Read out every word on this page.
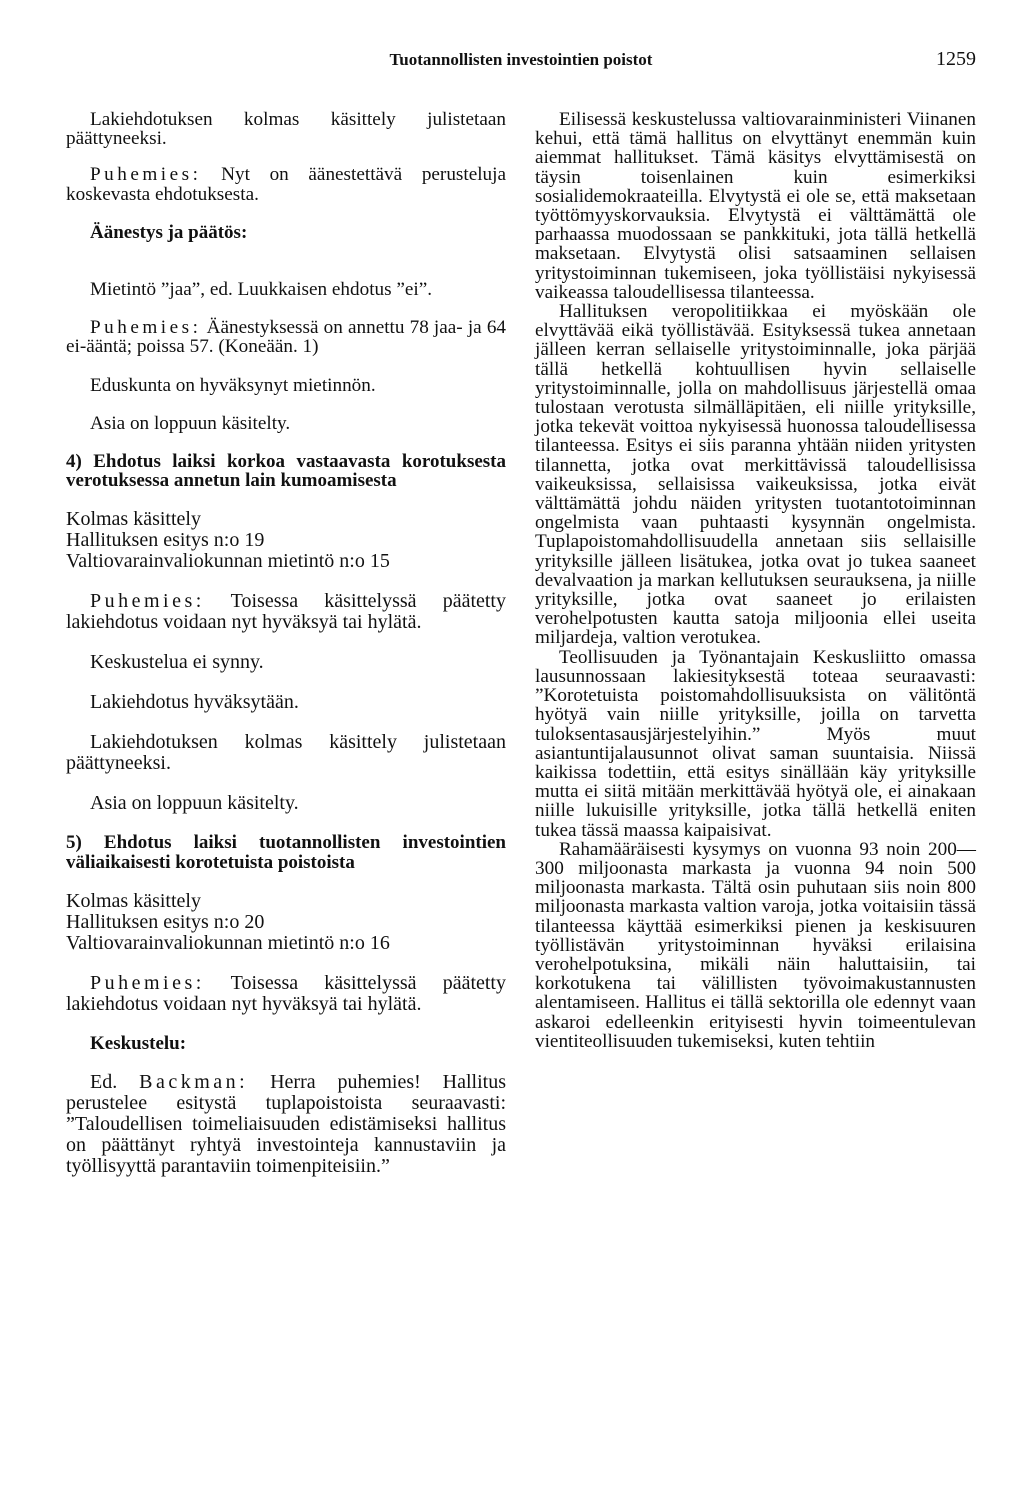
Tuotannollisten investointien poistot	1259

Lakiehdotuksen kolmas käsittely julistetaan päättyneeksi.

Puhemies: Nyt on äänestettävä perusteluja koskevasta ehdotuksesta.

Äänestys ja päätös:

Mietintö ”jaa”, ed. Luukkaisen ehdotus ”ei”.

Puhemies: Äänestyksessä on annettu 78 jaa- ja 64 ei-ääntä; poissa 57. (Koneään. 1)

Eduskunta on hyväksynyt mietinnön.

Asia on loppuun käsitelty.

4) Ehdotus laiksi korkoa vastaavasta korotuksesta verotuksessa annetun lain kumoamisesta

Kolmas käsittely
Hallituksen esitys n:o 19
Valtiovarainvaliokunnan mietintö n:o 15

Puhemies: Toisessa käsittelyssä päätetty lakiehdotus voidaan nyt hyväksyä tai hylätä.

Keskustelua ei synny.

Lakiehdotus hyväksytään.

Lakiehdotuksen kolmas käsittely julistetaan päättyneeksi.

Asia on loppuun käsitelty.

5) Ehdotus laiksi tuotannollisten investointien väliaikaisesti korotetuista poistoista

Kolmas käsittely
Hallituksen esitys n:o 20
Valtiovarainvaliokunnan mietintö n:o 16

Puhemies: Toisessa käsittelyssä päätetty lakiehdotus voidaan nyt hyväksyä tai hylätä.

Keskustelu:

Ed. Backman: Herra puhemies! Hallitus perustelee esitystä tuplapoistoista seuraavasti: ”Taloudellisen toimeliaisuuden edistämiseksi hallitus on päättänyt ryhtyä investointeja kannustaviin ja työllisyyttä parantaviin toimenpiteisiin.”

Eilisessä keskustelussa valtiovarainministeri Viinanen kehui, että tämä hallitus on elvyttänyt enemmän kuin aiemmat hallitukset. Tämä käsitys elvyttämisestä on täysin toisenlainen kuin esimerkiksi sosialidemokraateilla. Elvytystä ei ole se, että maksetaan työttömyyskorvauksia. Elvytystä ei välttämättä ole parhaassa muodossaan se pankkituki, jota tällä hetkellä maksetaan. Elvytystä olisi satsaaminen sellaisen yritystoiminnan tukemiseen, joka työllistäisi nykyisessä vaikeassa taloudellisessa tilanteessa.

Hallituksen veropolitiikkaa ei myöskään ole elvyttävää eikä työllistävää. Esityksessä tukea annetaan jälleen kerran sellaiselle yritystoiminnalle, joka pärjää tällä hetkellä kohtuullisen hyvin sellaiselle yritystoiminnalle, jolla on mahdollisuus järjestellä omaa tulostaan verotusta silmälläpitäen, eli niille yrityksille, jotka tekevät voittoa nykyisessä huonossa taloudellisessa tilanteessa. Esitys ei siis paranna yhtään niiden yritysten tilannetta, jotka ovat merkittävissä taloudellisissa vaikeuksissa, sellaisissa vaikeuksissa, jotka eivät välttämättä johdu näiden yritysten tuotantotoiminnan ongelmista vaan puhtaasti kysynnän ongelmista. Tuplapoistomahdollisuudella annetaan siis sellaisille yrityksille jälleen lisätukea, jotka ovat jo tukea saaneet devalvaation ja markan kellutuksen seurauksena, ja niille yrityksille, jotka ovat saaneet jo erilaisten verohelpotusten kautta satoja miljoonia ellei useita miljardeja, valtion verotukea.

Teollisuuden ja Työnantajain Keskusliitto omassa lausunnossaan lakiesityksestä toteaa seuraavasti: ”Korotetuista poistomahdollisuuksista on välitöntä hyötyä vain niille yrityksille, joilla on tarvetta tuloksentasausjärjestelyihin.” Myös muut asiantuntijalausunnot olivat saman suuntaisia. Niissä kaikissa todettiin, että esitys sinällään käy yrityksille mutta ei siitä mitään merkittävää hyötyä ole, ei ainakaan niille lukuisille yrityksille, jotka tällä hetkellä eniten tukea tässä maassa kaipaisivat.

Rahamääräisesti kysymys on vuonna 93 noin 200—300 miljoonasta markasta ja vuonna 94 noin 500 miljoonasta markasta. Tältä osin puhutaan siis noin 800 miljoonasta markasta valtion varoja, jotka voitaisiin tässä tilanteessa käyttää esimerkiksi pienen ja keskisuuren työllistävän yritystoiminnan hyväksi erilaisina verohelpotuksina, mikäli näin haluttaisiin, tai korkotukena tai välillisten työvoimakustannusten alentamiseen. Hallitus ei tällä sektorilla ole edennyt vaan askaroi edelleenkin erityisesti hyvin toimeentulevan vientiteollisuuden tukemiseksi, kuten tehtiin
